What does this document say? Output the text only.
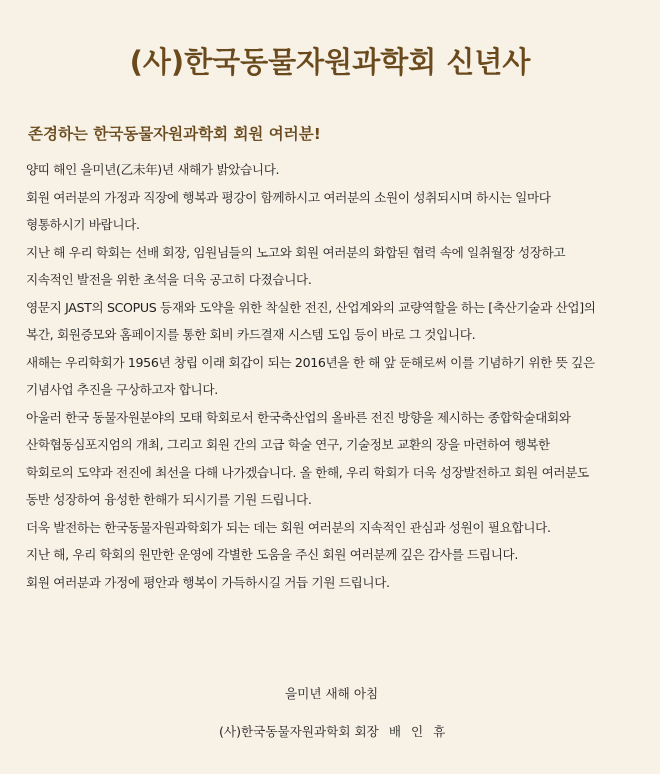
(사)한국동물자원과학회 신년사
존경하는 한국동물자원과학회 회원 여러분!
양띠 해인 을미년(乙未年)년 새해가 밝았습니다.
회원 여러분의 가정과 직장에 행복과 평강이 함께하시고 여러분의 소원이 성취되시며 하시는 일마다
형통하시기 바랍니다.
지난 해 우리 학회는 선배 회장, 임원님들의 노고와 회원 여러분의 화합된 협력 속에 일취월장 성장하고
지속적인 발전을 위한 초석을 더욱 공고히 다졌습니다.
영문지 JAST의 SCOPUS 등재와 도약을 위한 착실한 전진, 산업계와의 교량역할을 하는 [축산기술과 산업]의
복간, 회원증모와 홈페이지를 통한 회비 카드결재 시스템 도입 등이 바로 그 것입니다.
새해는 우리학회가 1956년 창립 이래 회갑이 되는 2016년을 한 해 앞 둔해로써 이를 기념하기 위한 뜻 깊은
기념사업 추진을 구상하고자 합니다.
아울러 한국 동물자원분야의 모태 학회로서 한국축산업의 올바른 전진 방향을 제시하는 종합학술대회와
산학협동심포지엄의 개최, 그리고 회원 간의 고급 학술 연구, 기술정보 교환의 장을 마련하여 행복한
학회로의 도약과 전진에 최선을 다해 나가겠습니다. 올 한해, 우리 학회가 더욱 성장발전하고 회원 여러분도
동반 성장하여 융성한 한해가 되시기를 기원 드립니다.
더욱 발전하는 한국동물자원과학회가 되는 데는 회원 여러분의 지속적인 관심과 성원이 필요합니다.
지난 해, 우리 학회의 원만한 운영에 각별한 도움을 주신 회원 여러분께 깊은 감사를 드립니다.
회원 여러분과 가정에 평안과 행복이 가득하시길 거듭 기원 드립니다.
을미년 새해 아침
(사)한국동물자원과학회 회장 배 인 휴
